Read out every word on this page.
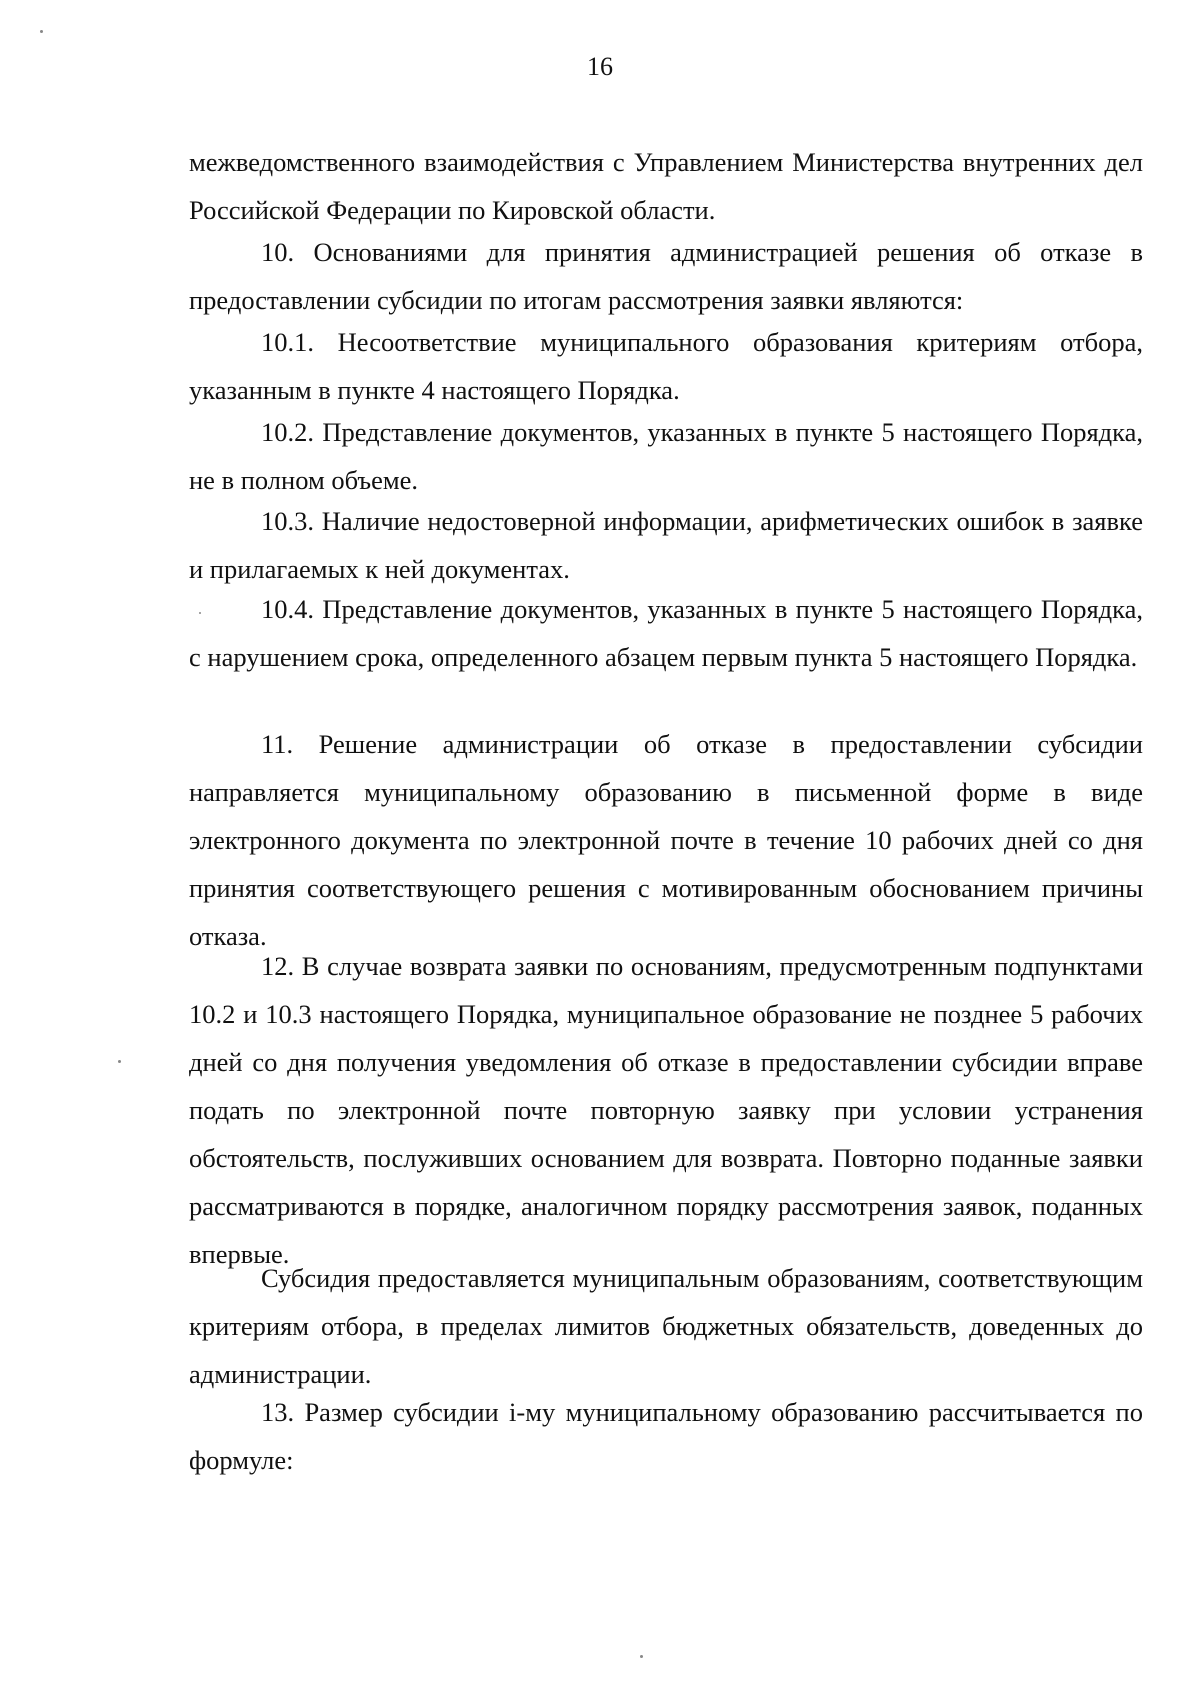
16

межведомственного взаимодействия с Управлением Министерства внутренних дел Российской Федерации по Кировской области.

10. Основаниями для принятия администрацией решения об отказе в предоставлении субсидии по итогам рассмотрения заявки являются:

10.1. Несоответствие муниципального образования критериям отбора, указанным в пункте 4 настоящего Порядка.

10.2. Представление документов, указанных в пункте 5 настоящего Порядка, не в полном объеме.

10.3. Наличие недостоверной информации, арифметических ошибок в заявке и прилагаемых к ней документах.

10.4. Представление документов, указанных в пункте 5 настоящего Порядка, с нарушением срока, определенного абзацем первым пункта 5 настоящего Порядка.

11. Решение администрации об отказе в предоставлении субсидии направляется муниципальному образованию в письменной форме в виде электронного документа по электронной почте в течение 10 рабочих дней со дня принятия соответствующего решения с мотивированным обоснованием причины отказа.

12. В случае возврата заявки по основаниям, предусмотренным подпунктами 10.2 и 10.3 настоящего Порядка, муниципальное образование не позднее 5 рабочих дней со дня получения уведомления об отказе в предоставлении субсидии вправе подать по электронной почте повторную заявку при условии устранения обстоятельств, послуживших основанием для возврата. Повторно поданные заявки рассматриваются в порядке, аналогичном порядку рассмотрения заявок, поданных впервые.

Субсидия предоставляется муниципальным образованиям, соответствующим критериям отбора, в пределах лимитов бюджетных обязательств, доведенных до администрации.

13. Размер субсидии i-му муниципальному образованию рассчитывается по формуле:
